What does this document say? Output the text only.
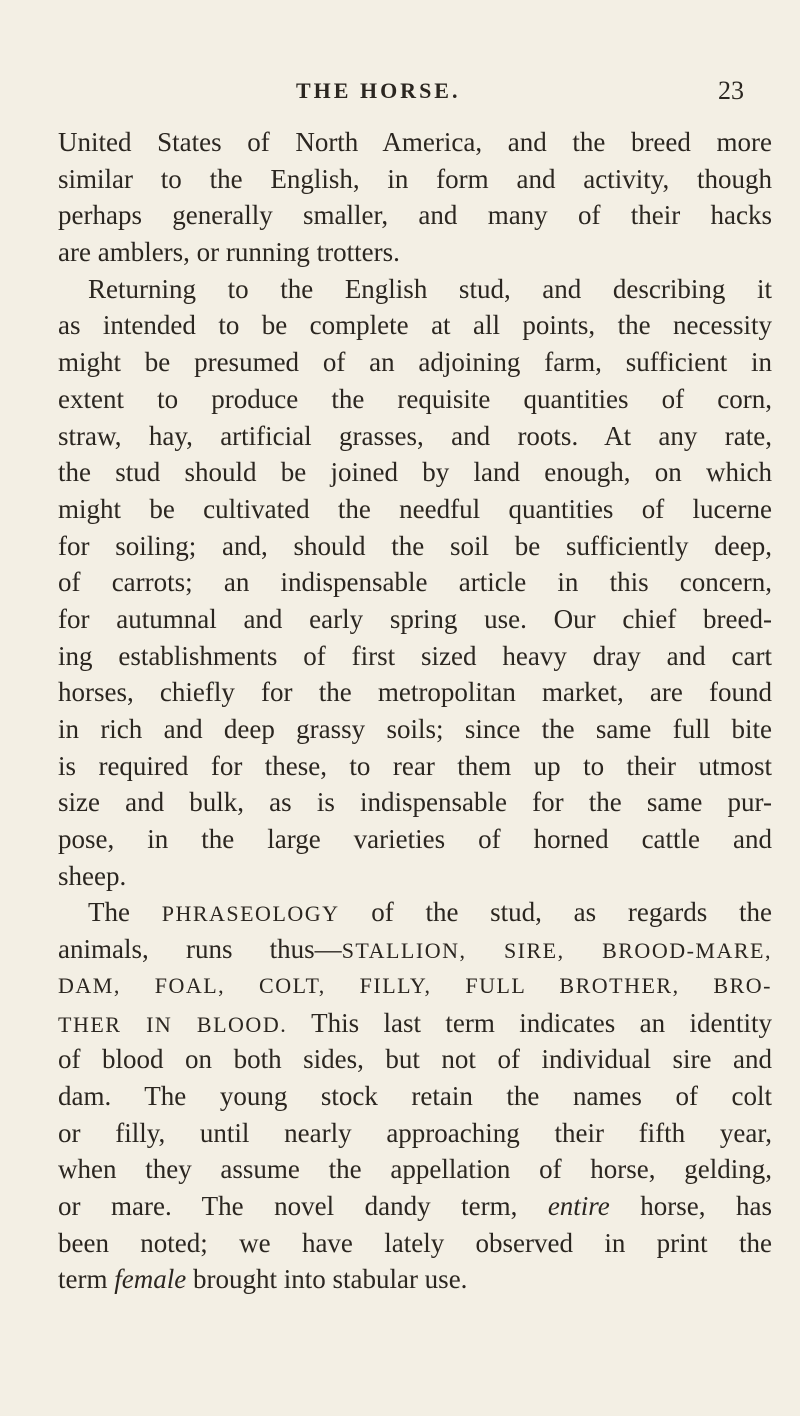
THE HORSE.	23
United States of North America, and the breed more
similar to the English, in form and activity, though
perhaps generally smaller, and many of their hacks
are amblers, or running trotters.
Returning to the English stud, and describing it
as intended to be complete at all points, the necessity
might be presumed of an adjoining farm, sufficient in
extent to produce the requisite quantities of corn,
straw, hay, artificial grasses, and roots. At any rate,
the stud should be joined by land enough, on which
might be cultivated the needful quantities of lucerne
for soiling; and, should the soil be sufficiently deep,
of carrots; an indispensable article in this concern,
for autumnal and early spring use. Our chief breed-
ing establishments of first sized heavy dray and cart
horses, chiefly for the metropolitan market, are found
in rich and deep grassy soils; since the same full bite
is required for these, to rear them up to their utmost
size and bulk, as is indispensable for the same pur-
pose, in the large varieties of horned cattle and
sheep.
The PHRASEOLOGY of the stud, as regards the
animals, runs thus—STALLION, SIRE, BROOD-MARE,
DAM, FOAL, COLT, FILLY, FULL BROTHER, BRO-
THER IN BLOOD. This last term indicates an identity
of blood on both sides, but not of individual sire and
dam. The young stock retain the names of colt
or filly, until nearly approaching their fifth year,
when they assume the appellation of horse, gelding,
or mare. The novel dandy term, entire horse, has
been noted; we have lately observed in print the
term female brought into stabular use.
